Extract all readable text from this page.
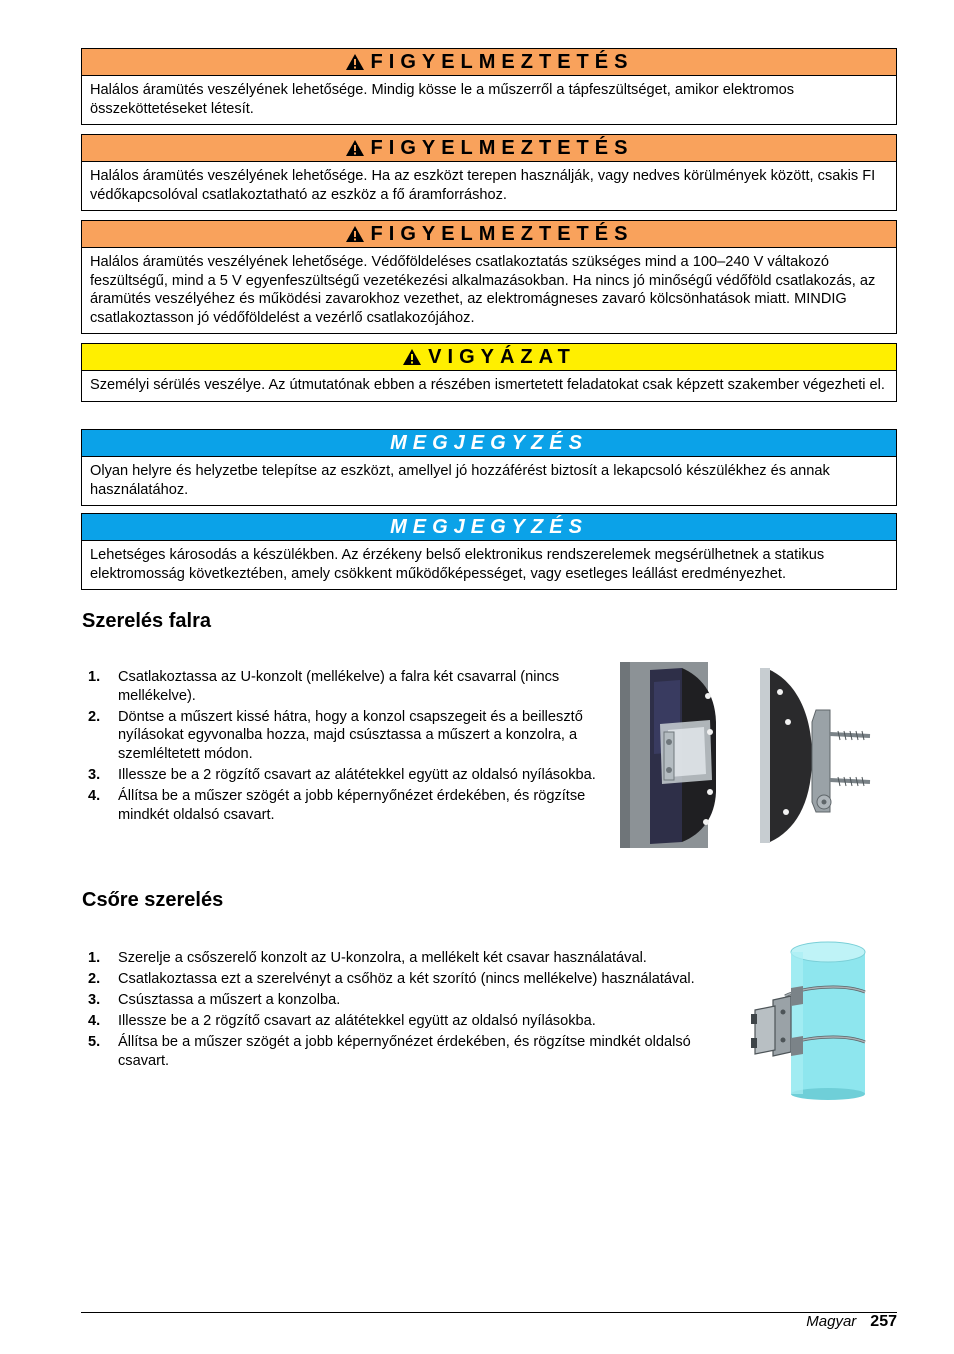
FIGYELMEZTETÉS
Halálos áramütés veszélyének lehetősége. Mindig kösse le a műszerről a tápfeszültséget, amikor elektromos összeköttetéseket létesít.
FIGYELMEZTETÉS
Halálos áramütés veszélyének lehetősége. Ha az eszközt terepen használják, vagy nedves körülmények között, csakis FI védőkapcsolóval csatlakoztatható az eszköz a fő áramforráshoz.
FIGYELMEZTETÉS
Halálos áramütés veszélyének lehetősége. Védőföldeléses csatlakoztatás szükséges mind a 100–240 V váltakozó feszültségű, mind a 5 V egyenfeszültségű vezetékezési alkalmazásokban. Ha nincs jó minőségű védőföld csatlakozás, az áramütés veszélyéhez és működési zavarokhoz vezethet, az elektromágneses zavaró kölcsönhatások miatt. MINDIG csatlakoztasson jó védőföldelést a vezérlő csatlakozójához.
VIGYÁZAT
Személyi sérülés veszélye. Az útmutatónak ebben a részében ismertetett feladatokat csak képzett szakember végezheti el.
MEGJEGYZÉS
Olyan helyre és helyzetbe telepítse az eszközt, amellyel jó hozzáférést biztosít a lekapcsoló készülékhez és annak használatához.
MEGJEGYZÉS
Lehetséges károsodás a készülékben. Az érzékeny belső elektronikus rendszerelemek megsérülhetnek a statikus elektromosság következtében, amely csökkent működőképességet, vagy esetleges leállást eredményezhet.
Szerelés falra
1. Csatlakoztassa az U-konzolt (mellékelve) a falra két csavarral (nincs mellékelve).
2. Döntse a műszert kissé hátra, hogy a konzol csapszegeit és a beillesztő nyílásokat egyvonalba hozza, majd csúsztassa a műszert a konzolra, a szemléltetett módon.
3. Illessze be a 2 rögzítő csavart az alátétekkel együtt az oldalsó nyílásokba.
4. Állítsa be a műszer szögét a jobb képernyőnézet érdekében, és rögzítse mindkét oldalsó csavart.
Csőre szerelés
1. Szerelje a csőszerelő konzolt az U-konzolra, a mellékelt két csavar használatával.
2. Csatlakoztassa ezt a szerelvényt a csőhöz a két szorító (nincs mellékelve) használatával.
3. Csúsztassa a műszert a konzolba.
4. Illessze be a 2 rögzítő csavart az alátétekkel együtt az oldalsó nyílásokba.
5. Állítsa be a műszer szögét a jobb képernyőnézet érdekében, és rögzítse mindkét oldalsó csavart.
Magyar 257
